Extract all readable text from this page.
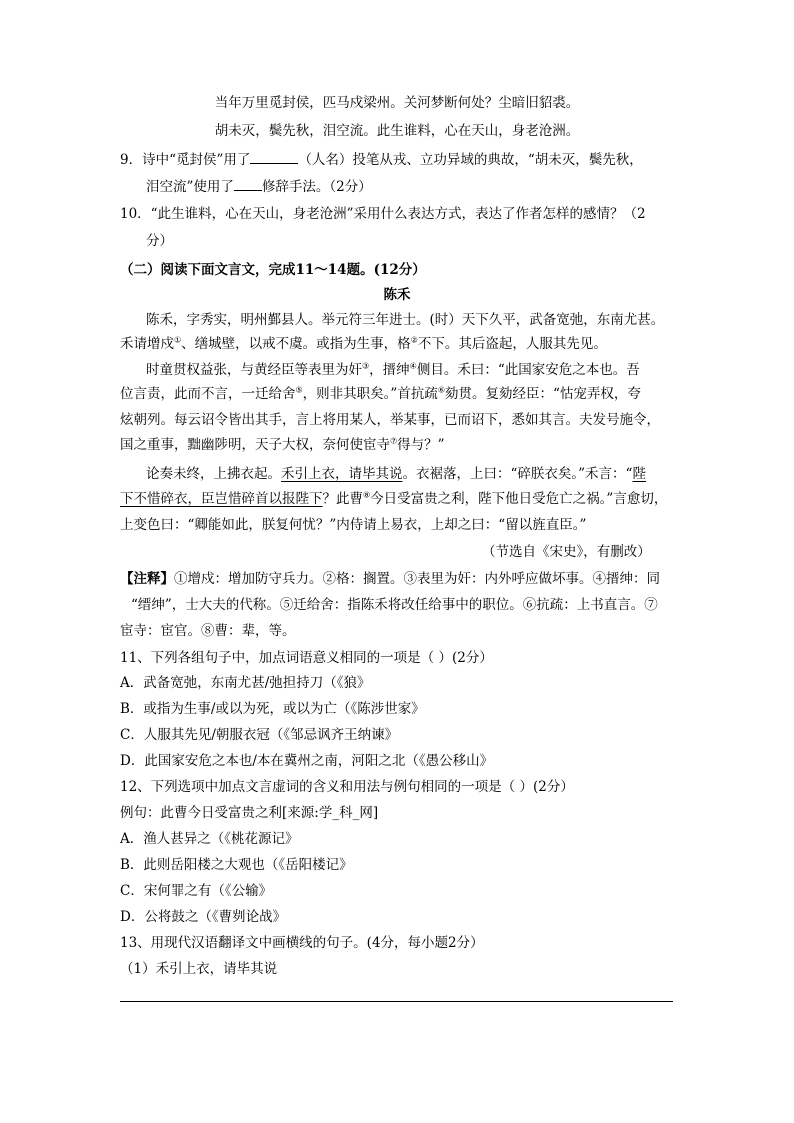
当年万里觅封侯，匹马戍梁州。关河梦断何处？尘暗旧貂裘。
胡未灭，鬓先秋，泪空流。此生谁料，心在天山，身老沧洲。
9．诗中“觅封侯”用了	（人名）投笔从戎、立功异域的典故，“胡未灭，鬓先秋，
泪空流”使用了 修辞手法。（2分）
10．“此生谁料，心在天山，身老沧洲”采用什么表达方式，表达了作者怎样的感情？（2
分）
（二）阅读下面文言文，完成11～14题。(12分）
陈禾
陈禾，字秀实，明州鄞县人。举元符三年进士。(时）天下久平，武备宽弛，东南尤甚。
禾请增戍①、缮城壁，以戒不虞。或指为生事，格②不下。其后盗起，人服其先见。
时童贯权益张，与黄经臣等表里为奸③，搢绅④侧目。禾曰：“此国家安危之本也。吾
位言责，此而不言，一迁给舍⑤，则非其职矣。”首抗疏⑥劾贯。复劾经臣：“怙宠弄权，夸
炫朝列。每云诏令皆出其手，言上将用某人，举某事，已而诏下，悉如其言。夫发号施令，
国之重事，黜幽陟明，天子大权，奈何使宦寺⑦得与？”
论奏未终，上拂衣起。禾引上衣，请毕其说。衣裾落，上曰：“碎朕衣矣。”禾言：“陛
下不惜碎衣，臣岂惜碎首以报陛下？此曹⑧今日受富贵之利，陛下他日受危亡之祸。”言愈切，
上变色曰：“卿能如此，朕复何忧？”内侍请上易衣，上却之曰：“留以旌直臣。”
（节选自《宋史》，有删改）
【注释】①增戍：增加防守兵力。②格：搁置。③表里为奸：内外呼应做坏事。④搢绅：同
“缙绅”，士大夫的代称。⑤迁给舍：指陈禾将改任给事中的职位。⑥抗疏：上书直言。⑦
宦寺：宦官。⑧曹：辈，等。
11、下列各组句子中，加点词语意义相同的一项是（ ）(2分）
A．武备宽弛，东南尤甚/弛担持刀（《狼》
B．或指为生事/或以为死，或以为亡（《陈涉世家》
C．人服其先见/朝服衣冠（《邹忌讽齐王纳谏》
D．此国家安危之本也/本在冀州之南，河阳之北（《愚公移山》
12、下列选项中加点文言虚词的含义和用法与例句相同的一项是（ ）(2分）
例句：此曹今日受富贵之利[来源:学_科_网]
A．渔人甚异之（《桃花源记》
B．此则岳阳楼之大观也（《岳阳楼记》
C．宋何罪之有（《公输》
D．公将鼓之（《曹刿论战》
13、用现代汉语翻译文中画横线的句子。(4分，每小题2分）
（1）禾引上衣，请毕其说
